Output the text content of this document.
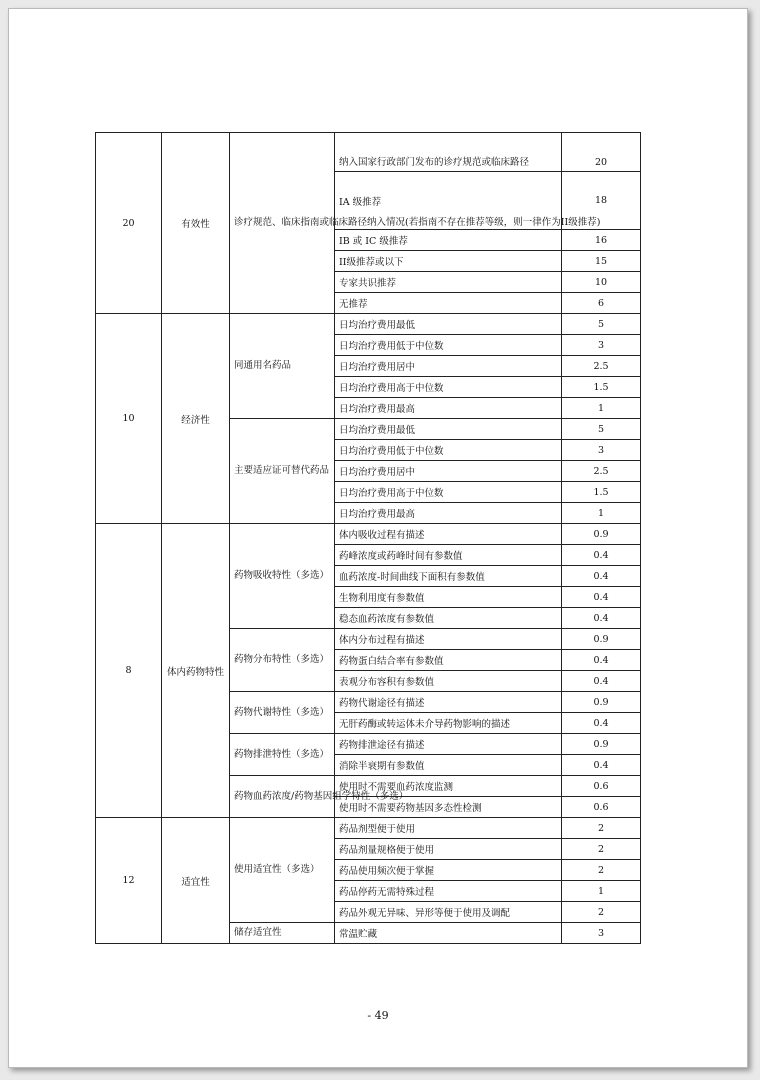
20	有效性	诊疗规范、临床指南或临床路径纳入情况(若指南不存在推荐等级，则一律作为II级推荐)	纳入国家行政部门发布的诊疗规范或临床路径	20
			IA 级推荐	18
			IB 或 IC 级推荐	16
			II级推荐或以下	15
			专家共识推荐	10
			无推荐	6
10	经济性	同通用名药品	日均治疗费用最低	5
			日均治疗费用低于中位数	3
			日均治疗费用居中	2.5
			日均治疗费用高于中位数	1.5
			日均治疗费用最高	1
		主要适应证可替代药品	日均治疗费用最低	5
			日均治疗费用低于中位数	3
			日均治疗费用居中	2.5
			日均治疗费用高于中位数	1.5
			日均治疗费用最高	1
8	体内药物特性	药物吸收特性（多选）	体内吸收过程有描述	0.9
			药峰浓度或药峰时间有参数值	0.4
			血药浓度-时间曲线下面积有参数值	0.4
			生物利用度有参数值	0.4
			稳态血药浓度有参数值	0.4
		药物分布特性（多选）	体内分布过程有描述	0.9
			药物蛋白结合率有参数值	0.4
			表观分布容积有参数值	0.4
		药物代谢特性（多选）	药物代谢途径有描述	0.9
			无肝药酶或转运体未介导药物影响的描述	0.4
		药物排泄特性（多选）	药物排泄途径有描述	0.9
			消除半衰期有参数值	0.4
		药物血药浓度/药物基因组学特性（多选）	使用时不需要血药浓度监测	0.6
			使用时不需要药物基因多态性检测	0.6
12	适宜性	使用适宜性（多选）	药品剂型便于使用	2
			药品剂量规格便于使用	2
			药品使用频次便于掌握	2
			药品停药无需特殊过程	1
			药品外观无异味、异形等便于使用及调配	2
		储存适宜性	常温贮藏	3
- 49
